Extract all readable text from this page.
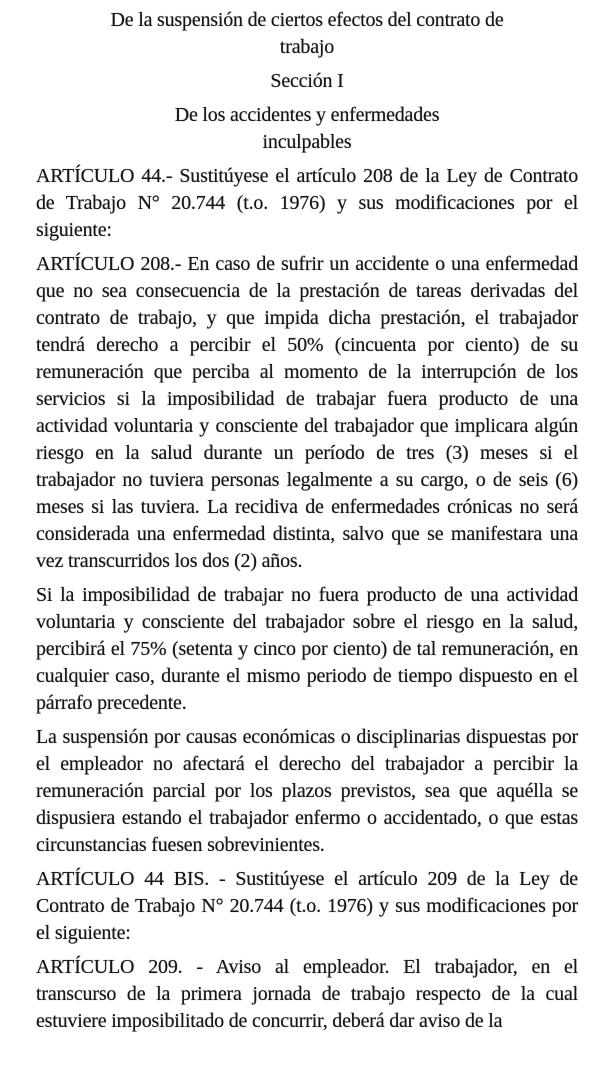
De la suspensión de ciertos efectos del contrato de trabajo
Sección I
De los accidentes y enfermedades inculpables

ARTÍCULO 44.- Sustitúyese el artículo 208 de la Ley de Contrato de Trabajo N° 20.744 (t.o. 1976) y sus modificaciones por el siguiente:

ARTÍCULO 208.- En caso de sufrir un accidente o una enfermedad que no sea consecuencia de la prestación de tareas derivadas del contrato de trabajo, y que impida dicha prestación, el trabajador tendrá derecho a percibir el 50% (cincuenta por ciento) de su remuneración que perciba al momento de la interrupción de los servicios si la imposibilidad de trabajar fuera producto de una actividad voluntaria y consciente del trabajador que implicara algún riesgo en la salud durante un período de tres (3) meses si el trabajador no tuviera personas legalmente a su cargo, o de seis (6) meses si las tuviera. La recidiva de enfermedades crónicas no será considerada una enfermedad distinta, salvo que se manifestara una vez transcurridos los dos (2) años.

Si la imposibilidad de trabajar no fuera producto de una actividad voluntaria y consciente del trabajador sobre el riesgo en la salud, percibirá el 75% (setenta y cinco por ciento) de tal remuneración, en cualquier caso, durante el mismo periodo de tiempo dispuesto en el párrafo precedente.

La suspensión por causas económicas o disciplinarias dispuestas por el empleador no afectará el derecho del trabajador a percibir la remuneración parcial por los plazos previstos, sea que aquélla se dispusiera estando el trabajador enfermo o accidentado, o que estas circunstancias fuesen sobrevinientes.

ARTÍCULO 44 BIS. - Sustitúyese el artículo 209 de la Ley de Contrato de Trabajo N° 20.744 (t.o. 1976) y sus modificaciones por el siguiente:

ARTÍCULO 209. - Aviso al empleador. El trabajador, en el transcurso de la primera jornada de trabajo respecto de la cual estuviere imposibilitado de concurrir, deberá dar aviso de la
